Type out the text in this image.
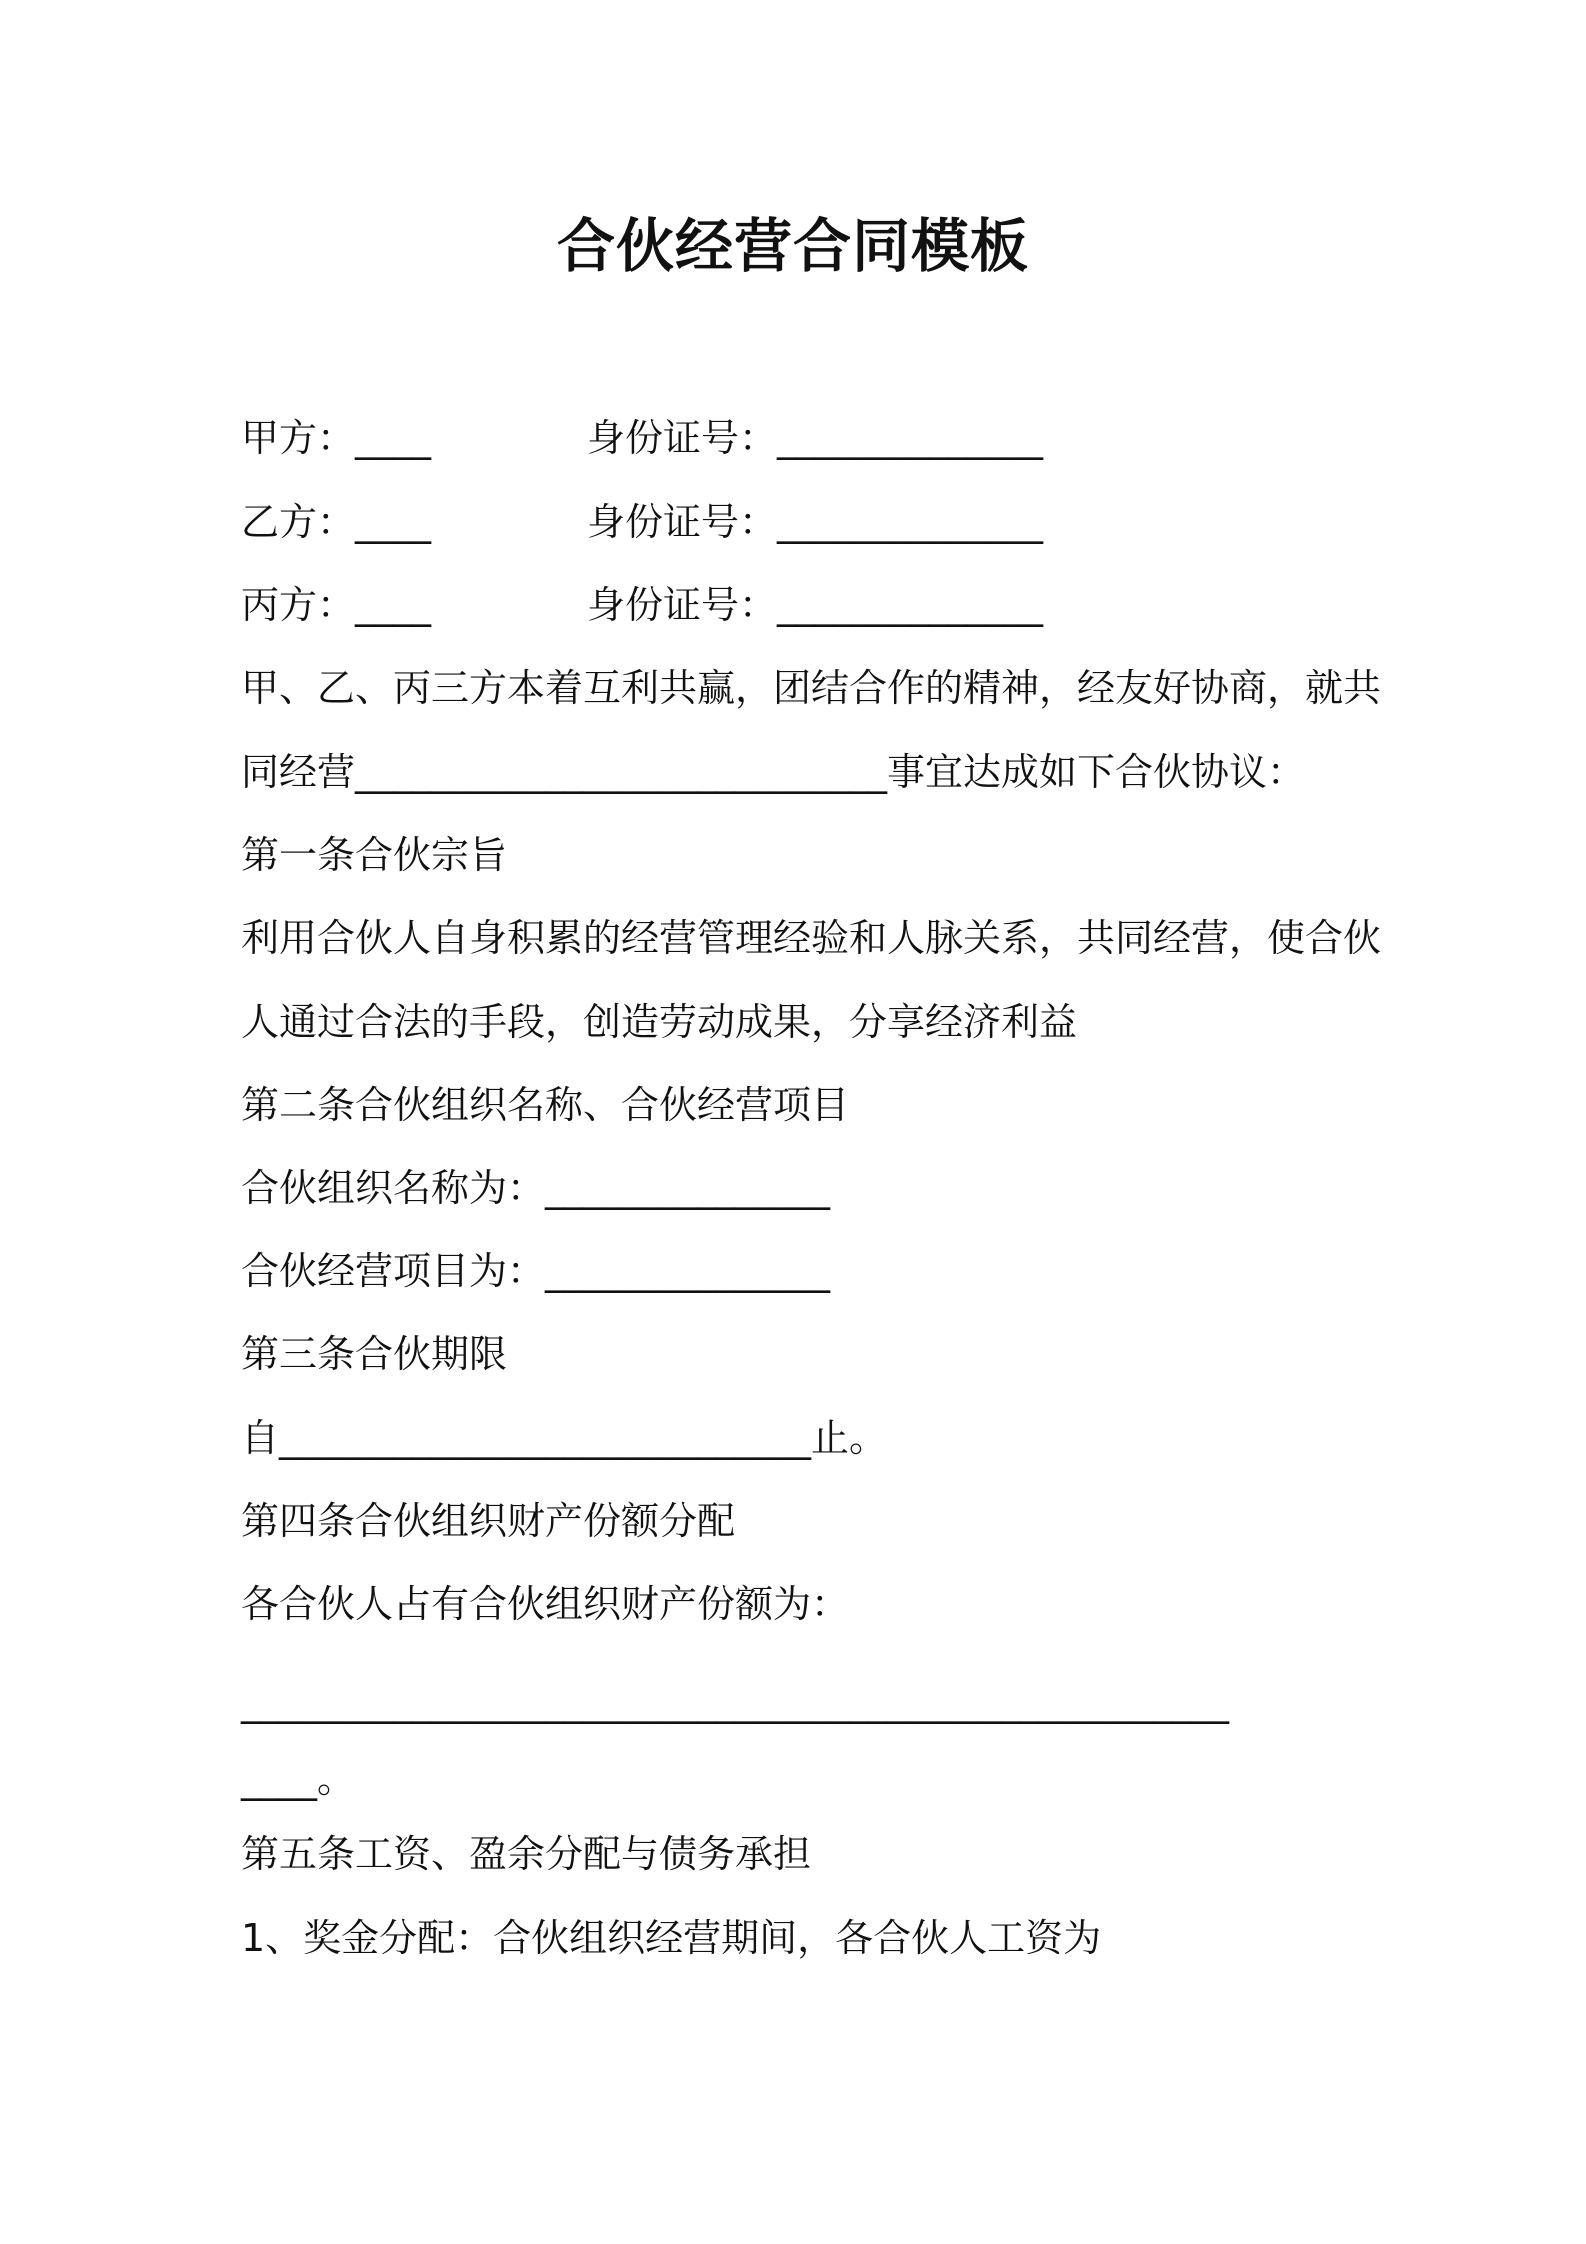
合伙经营合同模板
甲方：____	身份证号：______________
乙方：____	身份证号：______________
丙方：____	身份证号：______________
甲、乙、丙三方本着互利共赢，团结合作的精神，经友好协商，就共
同经营____________________________事宜达成如下合伙协议：
第一条合伙宗旨
利用合伙人自身积累的经营管理经验和人脉关系，共同经营，使合伙
人通过合法的手段，创造劳动成果，分享经济利益
第二条合伙组织名称、合伙经营项目
合伙组织名称为：_______________
合伙经营项目为：_______________
第三条合伙期限
自____________________________止。
第四条合伙组织财产份额分配
各合伙人占有合伙组织财产份额为：
____________________________________________________
____。
第五条工资、盈余分配与债务承担
1、奖金分配：合伙组织经营期间，各合伙人工资为
